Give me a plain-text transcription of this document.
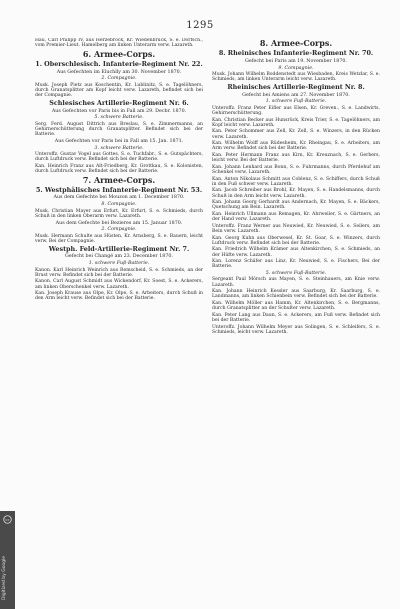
1295
Hau, Carl Philipp IV, aus Herzebrock, Kr. Wiedenbrück, S. e. Dorfsch., vom Premier-Lieut. Hamelberg am linken Unterarm verw. Lazareth.
6. Armee-Corps.
1. Oberschlesisch. Infanterie-Regiment Nr. 22.
Aus Gefechten im Eluchlly am 30. November 1870.
2. Compagnie.
Musk. Joseph Pietz aus Koschentin, Kr. Lublinitz, S. e. Tagelöhners, durch Granatsplitter am Kopf leicht verw. Lazareth, befindet sich bei der Compagnie.
Schlesisches Artillerie-Regiment Nr. 6.
Aus Gefechten vor Paris bis in Fall am 29. Decbr. 1870.
5. schwere Batterie.
Serg. Ferd. August Dittrich aus Breslau, S. e. Zimmermanns, an Gehirnerschütterung durch Granatsplitter. Befindet sich bei der Batterie.
Aus Gefechten vor Paris bei in Fall am 15. Jan. 1871.
3. schwere Batterie.
Unteroffz. Gustav Vogel aus Gottes, S. e. Tuchfabr., S. e. Gutspächters, durch Luftdruck verw. Befindet sich bei der Batterie.
Kan. Heinrich Franz aus Alt-Friedberg, Kr. Grottkau, S. e. Kolonisten, durch Luftdruck verw. Befindet sich bei der Batterie.
7. Armee-Corps.
5. Westphälisches Infanterie-Regiment Nr. 53.
Aus dem Gefechte bei Mouzon am 1. December 1870.
8. Compagnie.
Musk. Christian Mayer aus Erfurt, Kr. Erfurt, S. e. Schmieds, durch Schuß in den linken Oberarm verw. Lazareth.
Aus dem Gefechte bei Bezieres am 15. Januar 1870.
2. Compagnie.
Musk. Hermann Schulte aus Hüsten, Kr. Arnsberg, S. e. Bauern, leicht verw. Bei der Compagnie.
Westph. Feld-Artillerie-Regiment Nr. 7.
Gefecht bei Changé am 23. December 1870.
1. schwere Fuß-Batterie.
Kanon. Karl Heinrich Weinrich aus Remscheid, S. e. Schmieds, an der Brust verw. Befindet sich bei der Batterie.
Kanon. Carl August Schmidt aus Wickendorf, Kr. Soest, S. e. Ackerers, am linken Oberschenkel verw. Lazareth.
Kan. Joseph Krause aus Olpe, Kr. Olpe, S. e. Arbeiters, durch Schuß in den Arm leicht verw. Befindet sich bei der Batterie.
8. Armee-Corps.
8. Rheinisches Infanterie-Regiment Nr. 70.
Gefecht bei Paris am 19. November 1870.
9. Compagnie.
Musk. Johann Wilhelm Boddenstedt aus Wiesbaden, Kreis Wetzlar, S. e. Schmieds, am linken Unterarm leicht verw. Lazareth.
Rheinisches Artillerie-Regiment Nr. 8.
Gefecht bei Amiens am 27. November 1870.
1. schwere Fuß-Batterie.
Unteroffz. Franz Peter Eifler aus Elsen, Kr. Greven., S. e. Landwirts, Gehirnerschütterung.
Kan. Christian Becker aus Hunsrück, Kreis Trier, S. e. Tagelöhners, am Kopf leicht verw. Lazareth.
Kan. Peter Schommer aus Zell, Kr. Zell, S. e. Winzers, in den Rücken verw. Lazareth.
Kan. Wilhelm Wolff aus Rüdesheim, Kr. Rheingau, S. e. Arbeiters, am Arm verw. Befindet sich bei der Batterie.
Kan. Peter Hermann Franz aus Kirn, Kr. Kreuznach, S. e. Gerbers, leicht verw. Bei der Batterie.
Kan. Johann Lenhard aus Bonn, S. e. Fuhrmanns, durch Pferdehuf am Schenkel verw. Lazareth.
Kan. Anton Nikolaus Schmitt aus Coblenz, S. e. Schiffers, durch Schuß in den Fuß schwer verw. Lazareth.
Kan. Jacob Schreiber aus Brohl, Kr. Mayen, S. e. Handelsmanns, durch Schuß in den Arm leicht verw. Lazareth.
Kan. Johann Georg Gerhardt aus Andernach, Kr. Mayen, S. e. Bäckers, Quetschung am Bein. Lazareth.
Kan. Heinrich Ullmann aus Remagen, Kr. Ahrweiler, S. e. Gärtners, an der Hand verw. Lazareth.
Unteroffz. Franz Werner aus Neuwied, Kr. Neuwied, S. e. Seilers, am Bein verw. Lazareth.
Kan. Georg Kuhn aus Oberwesel, Kr. St. Goar, S. e. Winzers, durch Luftdruck verw. Befindet sich bei der Batterie.
Kan. Friedrich Wilhelm Krämer aus Altenkirchen, S. e. Schmieds, an der Hüfte verw. Lazareth.
Kan. Lorenz Schäfer aus Linz, Kr. Neuwied, S. e. Fischers, Bei der Batterie.
5. schwere Fuß-Batterie.
Sergeant Paul Mörsch aus Mayen, S. e. Steinhauers, am Knie verw. Lazareth.
Kan. Johann Heinrich Kessler aus Saarburg, Kr. Saarburg, S. e. Landmanns, am linken Schienbein verw. Befindet sich bei der Batterie.
Kan. Wilhelm Möller aus Hamm, Kr. Altenkirchen, S. e. Bergmanns, durch Granatsplitter an der Schulter verw. Lazareth.
Kan. Peter Lang aus Daun, S. e. Ackerers, am Fuß verw. Befindet sich bei der Batterie.
Unteroffz. Johann Wilhelm Meyer aus Solingen, S. e. Schleifers, S. e. Schmieds, leicht verw. Lazareth.
cc
Digitized by Google
